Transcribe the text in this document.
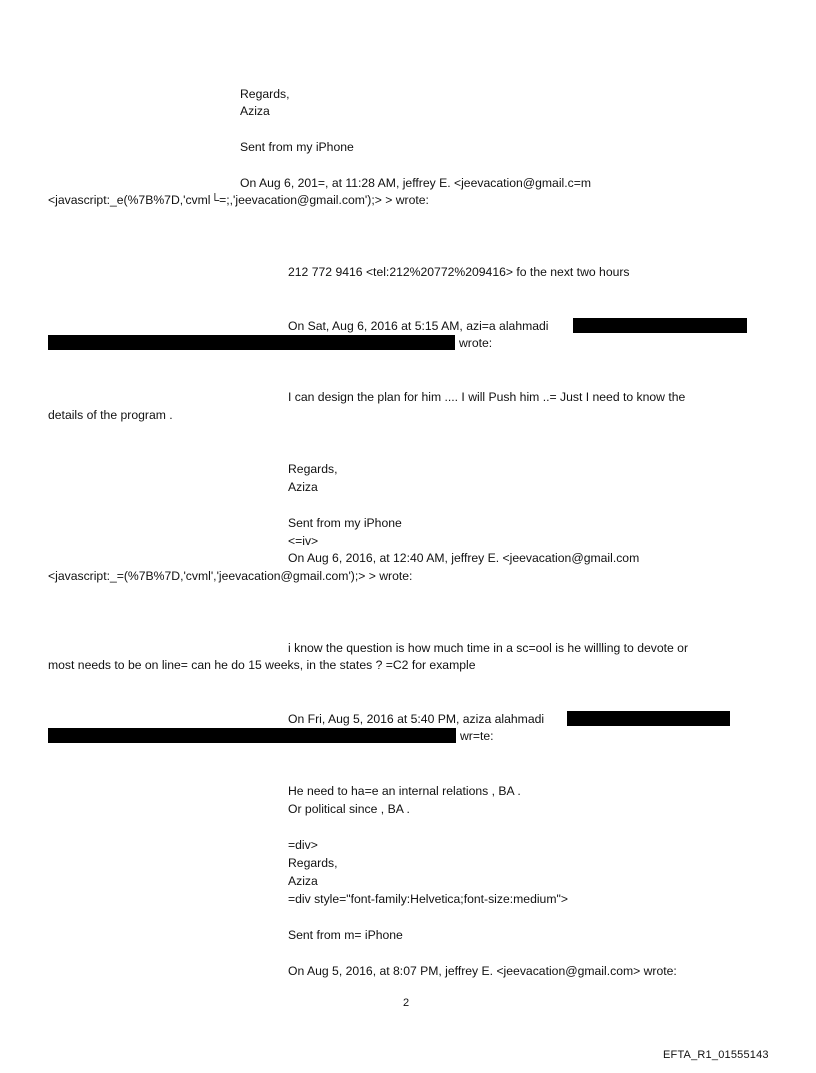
Regards,
Aziza
Sent from my iPhone
On Aug 6, 201=, at 11:28 AM, jeffrey E. <jeevacation@gmail.c=m
<javascript:_e(%7B%7D,'cvml└=;,'jeevacation@gmail.com');> > wrote:
212 772 9416 <tel:212%20772%209416> fo the next two hours
On Sat, Aug 6, 2016 at 5:15 AM, azi=a alahmadi
wrote:
I can design the plan for him .... I will Push him ..= Just I need to know the
details of the program .
Regards,
Aziza
Sent from my iPhone
<=iv>
On Aug 6, 2016, at 12:40 AM, jeffrey E. <jeevacation@gmail.com
<javascript:_=(%7B%7D,'cvml','jeevacation@gmail.com');> > wrote:
i know the question is how much time in a sc=ool is he willling to devote or
most needs to be on line= can he do 15 weeks, in the states ? =C2 for example
On Fri, Aug 5, 2016 at 5:40 PM, aziza alahmadi
wr=te:
He need to ha=e an internal relations , BA .
Or political since , BA .
=div>
Regards,
Aziza
=div style="font-family:Helvetica;font-size:medium">
Sent from m= iPhone
On Aug 5, 2016, at 8:07 PM, jeffrey E. <jeevacation@gmail.com> wrote:
2
EFTA_R1_01555143
